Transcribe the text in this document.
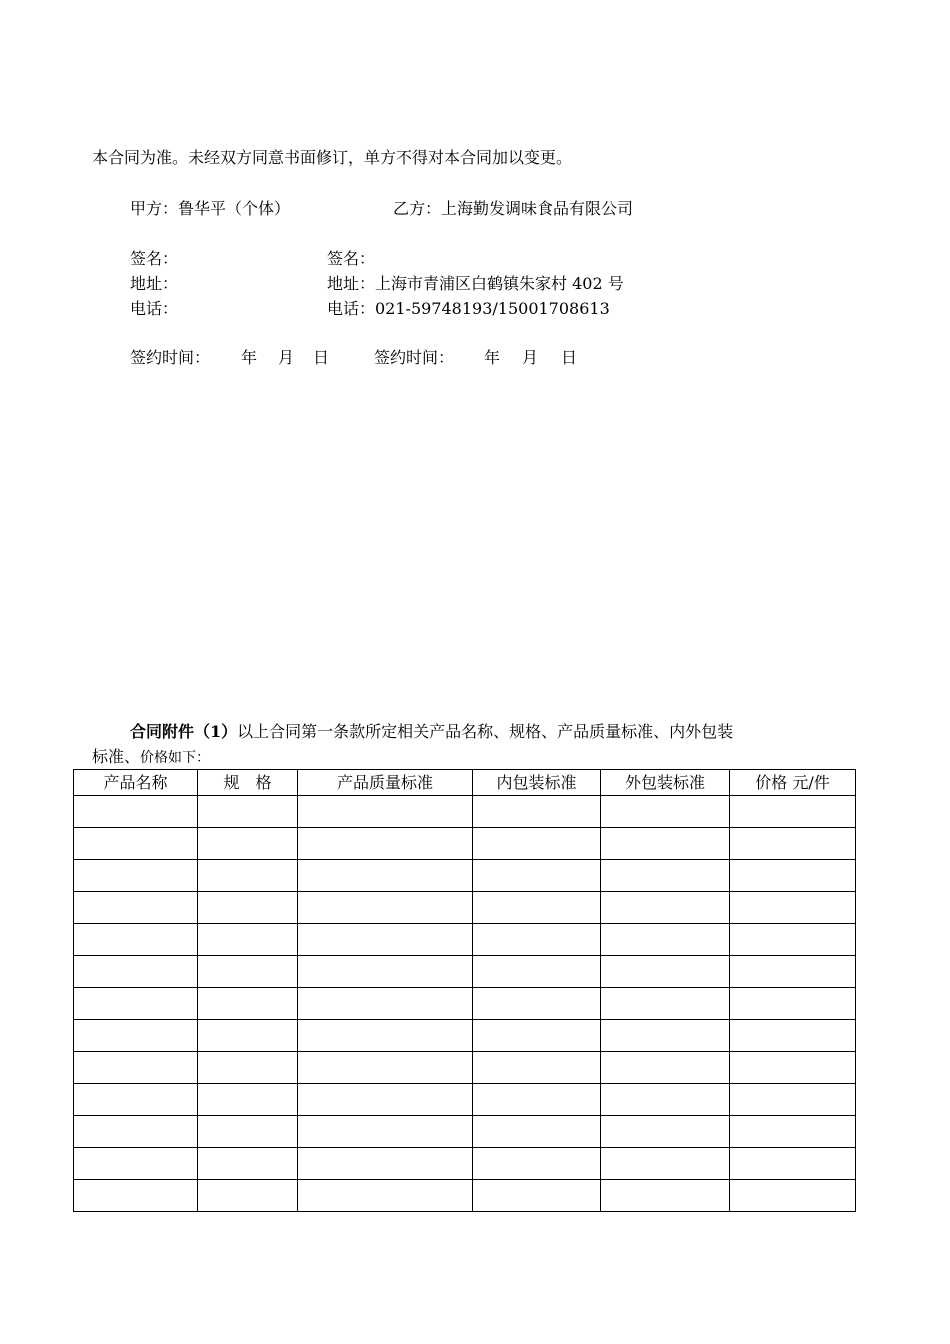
本合同为准。未经双方同意书面修订，单方不得对本合同加以变更。
甲方：鲁华平（个体）	乙方：上海勤发调味食品有限公司
签名：	签名：
地址：	地址：上海市青浦区白鹤镇朱家村 402 号
电话：	电话：021-59748193/15001708613
签约时间： 年 月 日	签约时间： 年 月 日
合同附件（1）以上合同第一条款所定相关产品名称、规格、产品质量标准、内外包装
标准、价格如下：
产品名称	规　格	产品质量标准	内包装标准	外包装标准	价格 元/件
